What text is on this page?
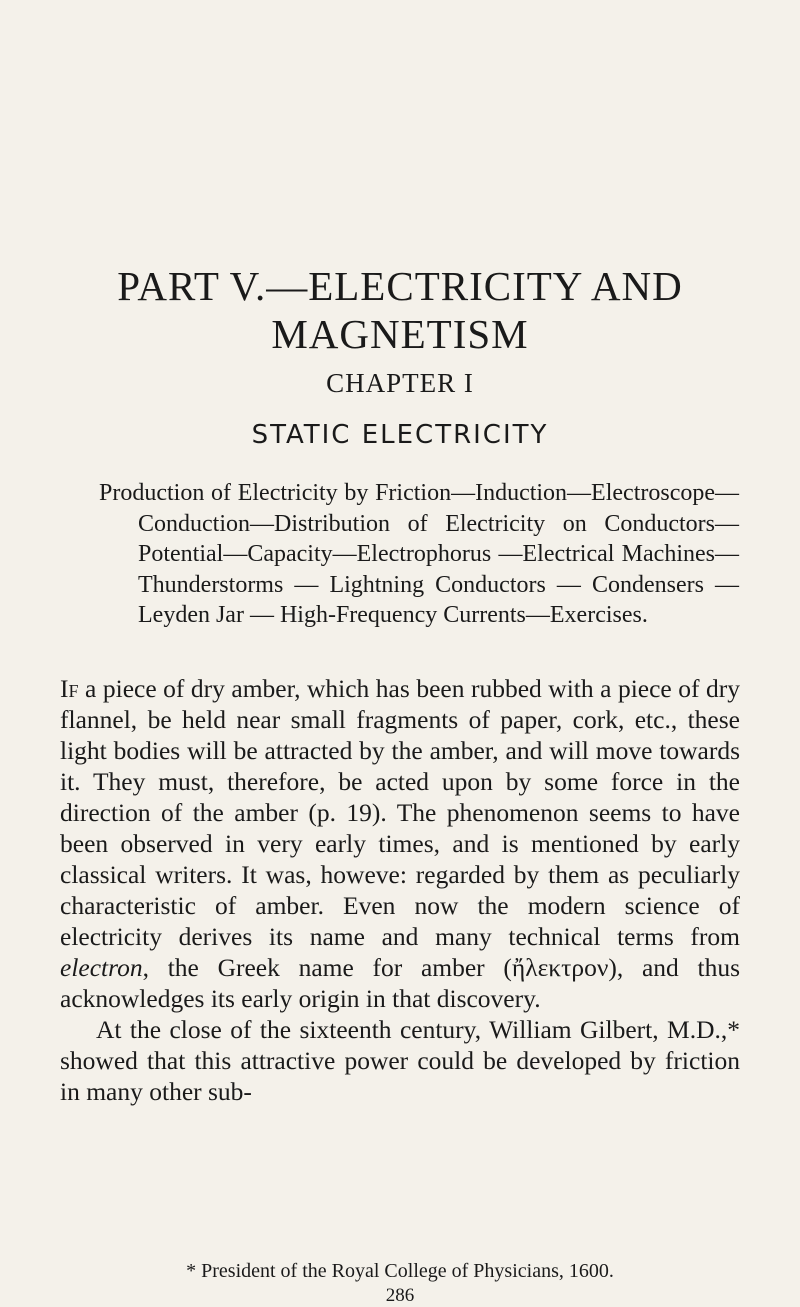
PART V.—ELECTRICITY AND
MAGNETISM
CHAPTER I
STATIC ELECTRICITY

Production of Electricity by Friction—Induction—Electroscope—Conduction—Distribution of Electricity on Conductors—Potential—Capacity—Electrophorus —Electrical Machines—Thunderstorms — Lightning Conductors — Condensers — Leyden Jar — High-Frequency Currents—Exercises.

If a piece of dry amber, which has been rubbed with a piece of dry flannel, be held near small fragments of paper, cork, etc., these light bodies will be attracted by the amber, and will move towards it. They must, therefore, be acted upon by some force in the direction of the amber (p. 19). The phenomenon seems to have been observed in very early times, and is mentioned by early classical writers. It was, howeve: regarded by them as peculiarly characteristic of amber. Even now the modern science of electricity derives its name and many technical terms from electron, the Greek name for amber (ἤλεκτρον), and thus acknowledges its early origin in that discovery.

At the close of the sixteenth century, William Gilbert, M.D.,* showed that this attractive power could be developed by friction in many other sub-

* President of the Royal College of Physicians, 1600.

286
